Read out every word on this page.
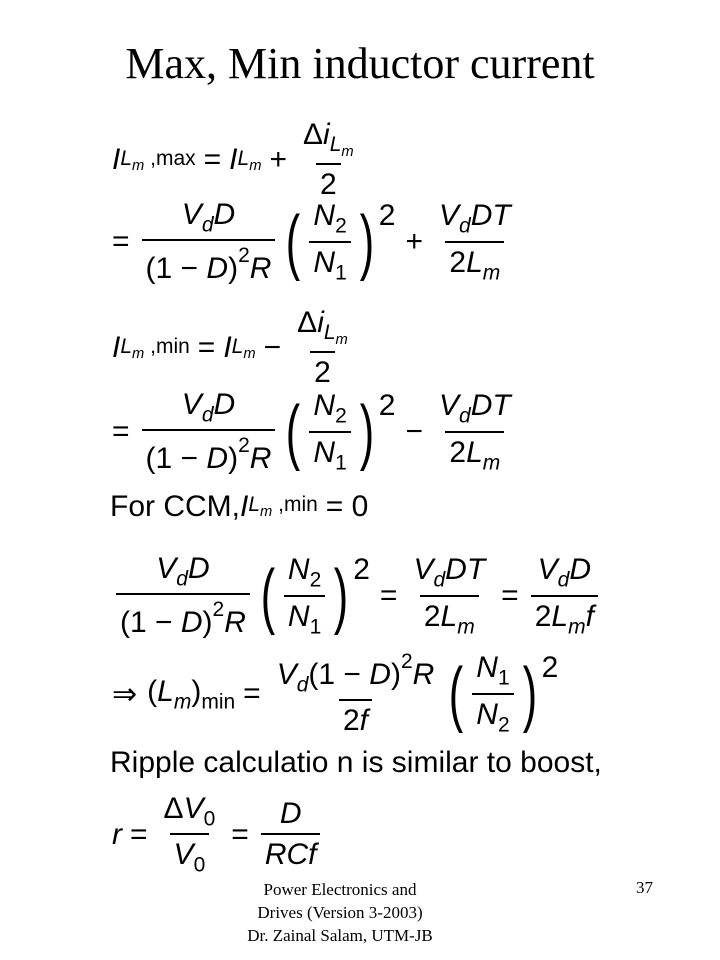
Max, Min inductor current
I $L_m$ ,max = I $L_m + \frac{\Delta i_{L_m}}{2}$
= $\frac{V_dD}{(1 - D)^2R}$ ( $\frac{N_2}{N_1}$ ) 2
+ $\frac{V_dDT}{2L_m}$
I $L_m$ ,min = I $L_m - \frac{\Delta i_{L_m}}{2}$
= $\frac{V_dD}{(1 - D)^2R}$ ( $\frac{N_2}{N_1}$ ) 2
− $\frac{V_dDT}{2L_m}$
For CCM, I $L_m$ ,min = 0
$\frac{V_dD}{(1 - D)^2R}$ ( $\frac{N_2}{N_1}$ ) 2
= $\frac{V_dDT}{2L_m} = \frac{V_dD}{2L_mf}$
⇒ $(L_m)_{min} = \frac{V_d(1 - D)^2R}{2f}$ ( $\frac{N_1}{N_2}$ ) 2
Ripple calculatio n is similar to boost,
$r = \frac{\Delta V_0}{V_0} = \frac{D}{\text{RCf}}$
Power Electronics and
Drives (Version 3-2003)
Dr. Zainal Salam, UTM-JB
37
